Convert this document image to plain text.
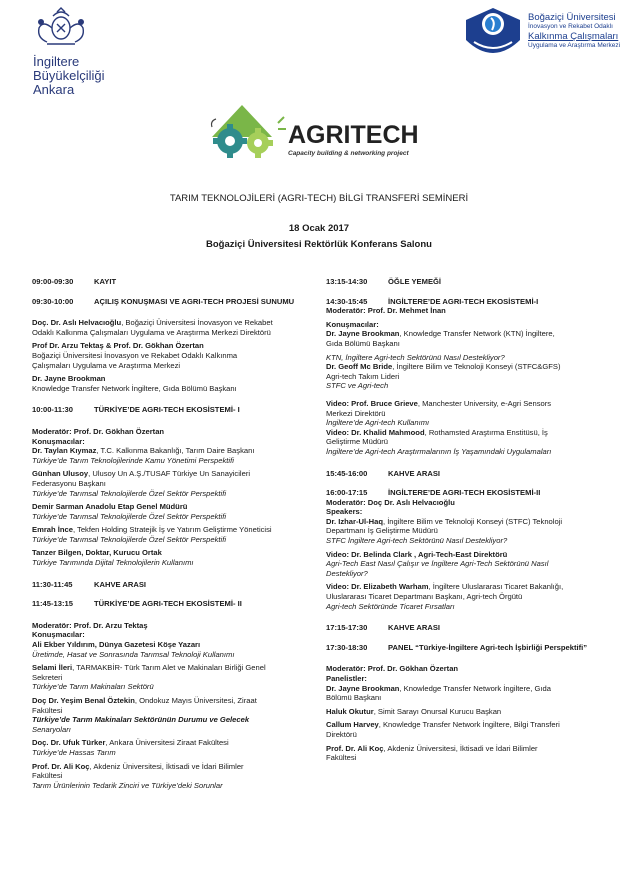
İngiltere
Büyükelçiliği
Ankara
Boğaziçi Üniversitesi
İnovasyon ve Rekabet Odaklı
Kalkınma Çalışmaları
Uygulama ve Araştırma Merkezi
AGRITECH
Capacity building & networking project
TARIM TEKNOLOJİLERİ (AGRI-TECH) BİLGİ TRANSFERİ SEMİNERİ
18 Ocak 2017
Boğaziçi Üniversitesi Rektörlük Konferans Salonu
09:00-09:30	KAYIT
09:30-10:00	AÇILIŞ KONUŞMASI VE AGRI-TECH PROJESİ SUNUMU
Doç. Dr. Aslı Helvacıoğlu, Boğaziçi Üniversitesi İnovasyon ve Rekabet
Odaklı Kalkınma Çalışmaları Uygulama ve Araştırma Merkezi Direktörü
Prof Dr. Arzu Tektaş & Prof. Dr. Gökhan Özertan
Boğaziçi Üniversitesi İnovasyon ve Rekabet Odaklı Kalkınma
Çalışmaları Uygulama ve Araştırma Merkezi
Dr. Jayne Brookman
Knowledge Transfer Network İngiltere, Gıda Bölümü Başkanı
10:00-11:30	TÜRKİYE’DE AGRI-TECH EKOSİSTEMİ- I
Moderatör: Prof. Dr. Gökhan Özertan
Konuşmacılar:
Dr. Taylan Kıymaz, T.C. Kalkınma Bakanlığı, Tarım Daire Başkanı
Türkiye’de Tarım Teknolojilerinde Kamu Yönetimi Perspektifi
Günhan Ulusoy, Ulusoy Un A.Ş./TUSAF Türkiye Un Sanayicileri
Federasyonu Başkanı
Türkiye’de Tarımsal Teknolojilerde Özel Sektör Perspektifi
Demir Sarman Anadolu Etap Genel Müdürü
Türkiye’de Tarımsal Teknolojilerde Özel Sektör Perspektifi
Emrah İnce, Tekfen Holding Stratejik İş ve Yatırım Geliştirme Yöneticisi
Türkiye’de Tarımsal Teknolojilerde Özel Sektör Perspektifi
Tanzer Bilgen, Doktar, Kurucu Ortak
Türkiye Tarımında Dijital Teknolojilerin Kullanımı
11:30-11:45	KAHVE ARASI
11:45-13:15	TÜRKİYE’DE AGRI-TECH EKOSİSTEMİ- II
Moderatör: Prof. Dr. Arzu Tektaş
Konuşmacılar:
Ali Ekber Yıldırım, Dünya Gazetesi Köşe Yazarı
Üretimde, Hasat ve Sonrasında Tarımsal Teknoloji Kullanımı
Selami İleri, TARMAKBİR- Türk Tarım Alet ve Makinaları Birliği Genel
Sekreteri
Türkiye’de Tarım Makinaları Sektörü
Doç Dr. Yeşim Benal Öztekin, Ondokuz Mayıs Üniversitesi, Ziraat
Fakültesi
Türkiye’de Tarım Makinaları Sektörünün Durumu ve Gelecek
Senaryoları
Doç. Dr. Ufuk Türker, Ankara Üniversitesi Ziraat Fakültesi
Türkiye’de Hassas Tarım
Prof. Dr. Ali Koç, Akdeniz Üniversitesi, İktisadi ve İdari Bilimler
Fakültesi
Tarım Ürünlerinin Tedarik Zinciri ve Türkiye’deki Sorunlar
13:15-14:30	ÖĞLE YEMEĞİ
14:30-15:45	İNGİLTERE’DE AGRI-TECH EKOSİSTEMİ-I
Moderatör: Prof. Dr. Mehmet İnan
Konuşmacılar:
Dr. Jayne Brookman, Knowledge Transfer Network (KTN) İngiltere,
Gıda Bölümü Başkanı
KTN, İngiltere Agri-tech Sektörünü Nasıl Destekliyor?
Dr. Geoff Mc Bride, İngiltere Bilim ve Teknoloji Konseyi (STFC&GFS)
Agri-tech Takım Lideri
STFC ve Agri-tech
Video: Prof. Bruce Grieve, Manchester University, e-Agri Sensors
Merkezi Direktörü
İngiltere’de Agri-tech Kullanımı
Video: Dr. Khalid Mahmood, Rothamsted Araştırma Enstitüsü, İş
Geliştirme Müdürü
İngiltere’de Agri-tech Araştırmalarının İş Yaşamındaki Uygulamaları
15:45-16:00	KAHVE ARASI
16:00-17:15	İNGİLTERE’DE AGRI-TECH EKOSİSTEMİ-II
Moderatör: Doç Dr. Aslı Helvacıoğlu
Speakers:
Dr. Izhar-Ul-Haq, İngiltere Bilim ve Teknoloji Konseyi (STFC) Teknoloji
Departmanı İş Geliştirme Müdürü
STFC İngiltere Agri-tech Sektörünü Nasıl Destekliyor?
Video: Dr. Belinda Clark , Agri-Tech-East Direktörü
Agri-Tech East Nasıl Çalışır ve İngiltere Agri-Tech Sektörünü Nasıl
Destekliyor?
Video: Dr. Elizabeth Warham, İngiltere Uluslararası Ticaret Bakanlığı,
Uluslararası Ticaret Departmanı Başkanı, Agri-tech Örgütü
Agri-tech Sektöründe Ticaret Fırsatları
17:15-17:30	KAHVE ARASI
17:30-18:30	PANEL “Türkiye-İngiltere Agri-tech İşbirliği Perspektifi”
Moderatör: Prof. Dr. Gökhan Özertan
Panelistler:
Dr. Jayne Brookman, Knowledge Transfer Network İngiltere, Gıda
Bölümü Başkanı
Haluk Okutur, Simit Sarayı Onursal Kurucu Başkan
Callum Harvey, Knowledge Transfer Network İngiltere, Bilgi Transferi
Direktörü
Prof. Dr. Ali Koç, Akdeniz Üniversitesi, İktisadi ve İdari Bilimler
Fakültesi
